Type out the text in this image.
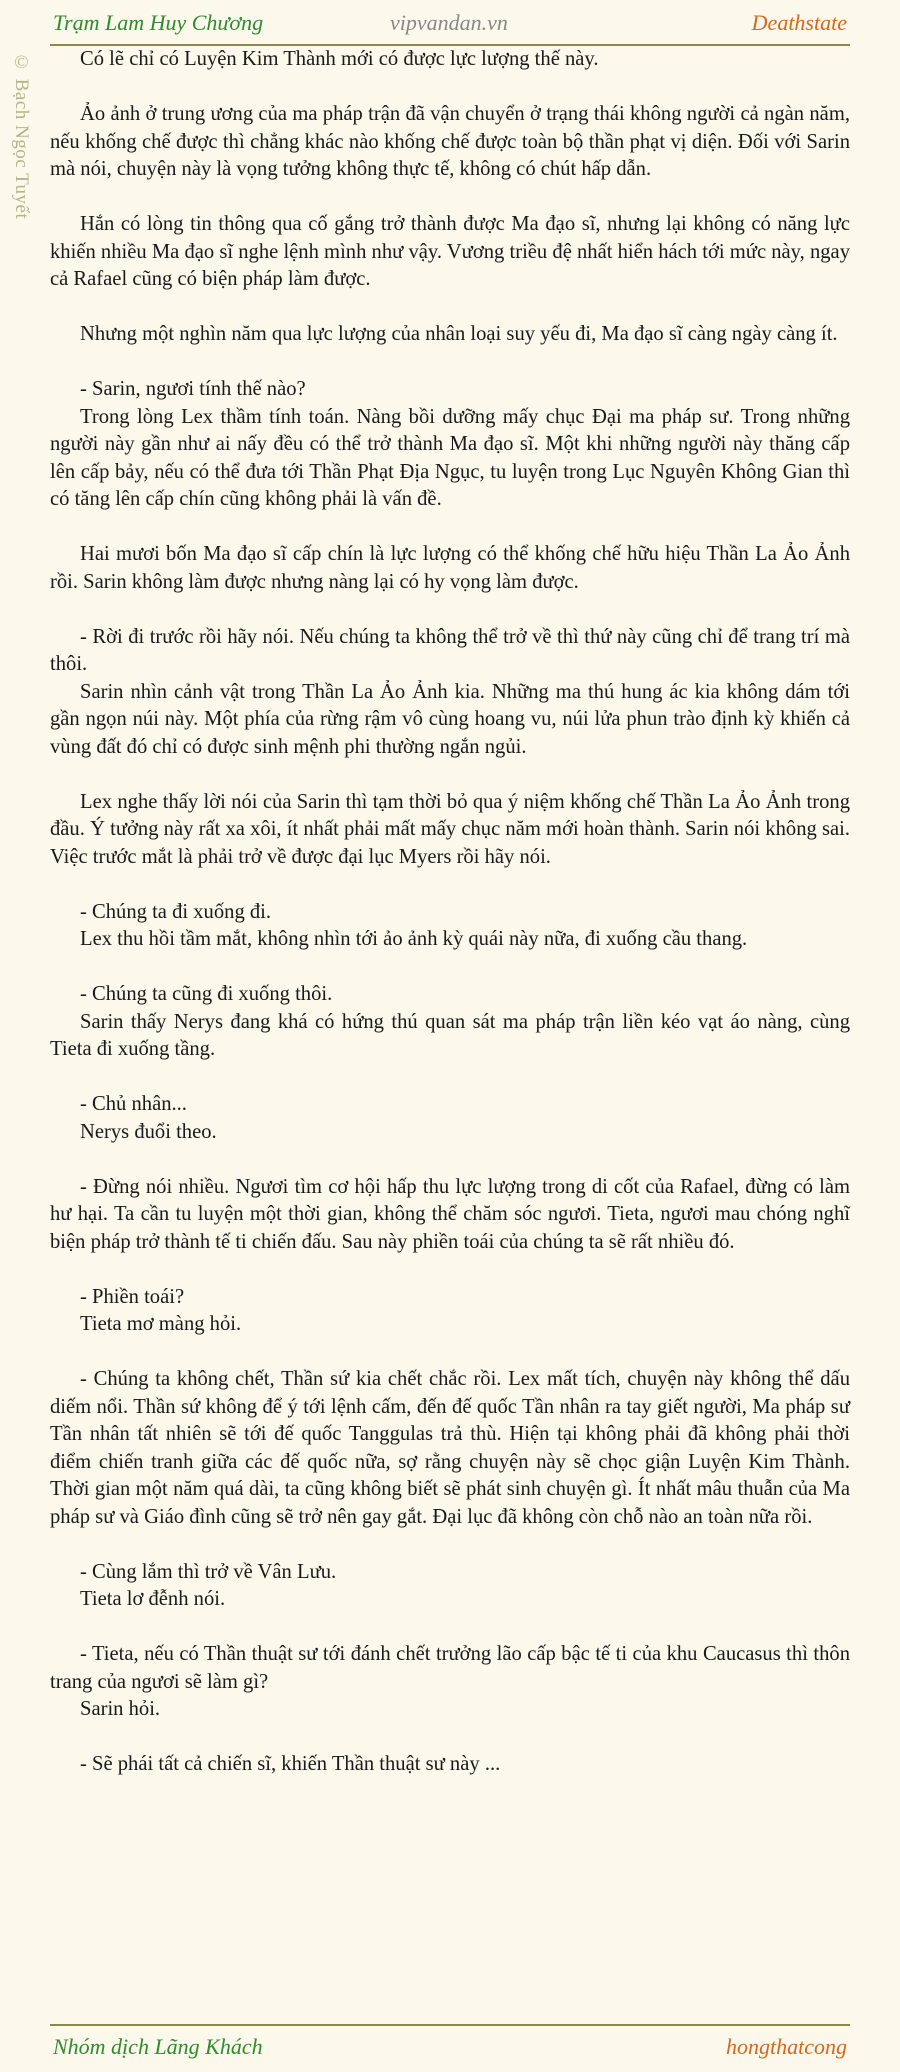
Trạm Lam Huy Chương	vipvandan.vn	Deathstate
© Bạch Ngọc Tuyết	Có lẽ chỉ có Luyện Kim Thành mới có được lực lượng thế này.

Ảo ảnh ở trung ương của ma pháp trận đã vận chuyển ở trạng thái không người cả ngàn năm, nếu khống chế được thì chẳng khác nào khống chế được toàn bộ thần phạt vị diện. Đối với Sarin mà nói, chuyện này là vọng tưởng không thực tế, không có chút hấp dẫn.

Hắn có lòng tin thông qua cố gắng trở thành được Ma đạo sĩ, nhưng lại không có năng lực khiến nhiều Ma đạo sĩ nghe lệnh mình như vậy. Vương triều đệ nhất hiển hách tới mức này, ngay cả Rafael cũng có biện pháp làm được.

Nhưng một nghìn năm qua lực lượng của nhân loại suy yếu đi, Ma đạo sĩ càng ngày càng ít.

- Sarin, ngươi tính thế nào?

Trong lòng Lex thầm tính toán. Nàng bồi dưỡng mấy chục Đại ma pháp sư. Trong những người này gần như ai nấy đều có thể trở thành Ma đạo sĩ. Một khi những người này thăng cấp lên cấp bảy, nếu có thể đưa tới Thần Phạt Địa Ngục, tu luyện trong Lục Nguyên Không Gian thì có tăng lên cấp chín cũng không phải là vấn đề.

Hai mươi bốn Ma đạo sĩ cấp chín là lực lượng có thể khống chế hữu hiệu Thần La Ảo Ảnh rồi. Sarin không làm được nhưng nàng lại có hy vọng làm được.

- Rời đi trước rồi hãy nói. Nếu chúng ta không thể trở về thì thứ này cũng chỉ để trang trí mà thôi.

Sarin nhìn cảnh vật trong Thần La Ảo Ảnh kia. Những ma thú hung ác kia không dám tới gần ngọn núi này. Một phía của rừng rậm vô cùng hoang vu, núi lửa phun trào định kỳ khiến cả vùng đất đó chỉ có được sinh mệnh phi thường ngắn ngủi.

Lex nghe thấy lời nói của Sarin thì tạm thời bỏ qua ý niệm khống chế Thần La Ảo Ảnh trong đầu. Ý tưởng này rất xa xôi, ít nhất phải mất mấy chục năm mới hoàn thành. Sarin nói không sai. Việc trước mắt là phải trở về được đại lục Myers rồi hãy nói.

- Chúng ta đi xuống đi.

Lex thu hồi tầm mắt, không nhìn tới ảo ảnh kỳ quái này nữa, đi xuống cầu thang.

- Chúng ta cũng đi xuống thôi.

Sarin thấy Nerys đang khá có hứng thú quan sát ma pháp trận liền kéo vạt áo nàng, cùng Tieta đi xuống tầng.

- Chủ nhân...

Nerys đuổi theo.

- Đừng nói nhiều. Ngươi tìm cơ hội hấp thu lực lượng trong di cốt của Rafael, đừng có làm hư hại. Ta cần tu luyện một thời gian, không thể chăm sóc ngươi. Tieta, ngươi mau chóng nghĩ biện pháp trở thành tế ti chiến đấu. Sau này phiền toái của chúng ta sẽ rất nhiều đó.

- Phiền toái?

Tieta mơ màng hỏi.

- Chúng ta không chết, Thần sứ kia chết chắc rồi. Lex mất tích, chuyện này không thể dấu diếm nổi. Thần sứ không để ý tới lệnh cấm, đến đế quốc Tần nhân ra tay giết người, Ma pháp sư Tần nhân tất nhiên sẽ tới đế quốc Tanggulas trả thù. Hiện tại không phải đã không phải thời điểm chiến tranh giữa các đế quốc nữa, sợ rằng chuyện này sẽ chọc giận Luyện Kim Thành. Thời gian một năm quá dài, ta cũng không biết sẽ phát sinh chuyện gì. Ít nhất mâu thuẫn của Ma pháp sư và Giáo đình cũng sẽ trở nên gay gắt. Đại lục đã không còn chỗ nào an toàn nữa rồi.

- Cùng lắm thì trở về Vân Lưu.

Tieta lơ đễnh nói.

- Tieta, nếu có Thần thuật sư tới đánh chết trưởng lão cấp bậc tế ti của khu Caucasus thì thôn trang của ngươi sẽ làm gì?

Sarin hỏi.

- Sẽ phái tất cả chiến sĩ, khiến Thần thuật sư này ...

Nhóm dịch Lãng Khách	hongthatcong
